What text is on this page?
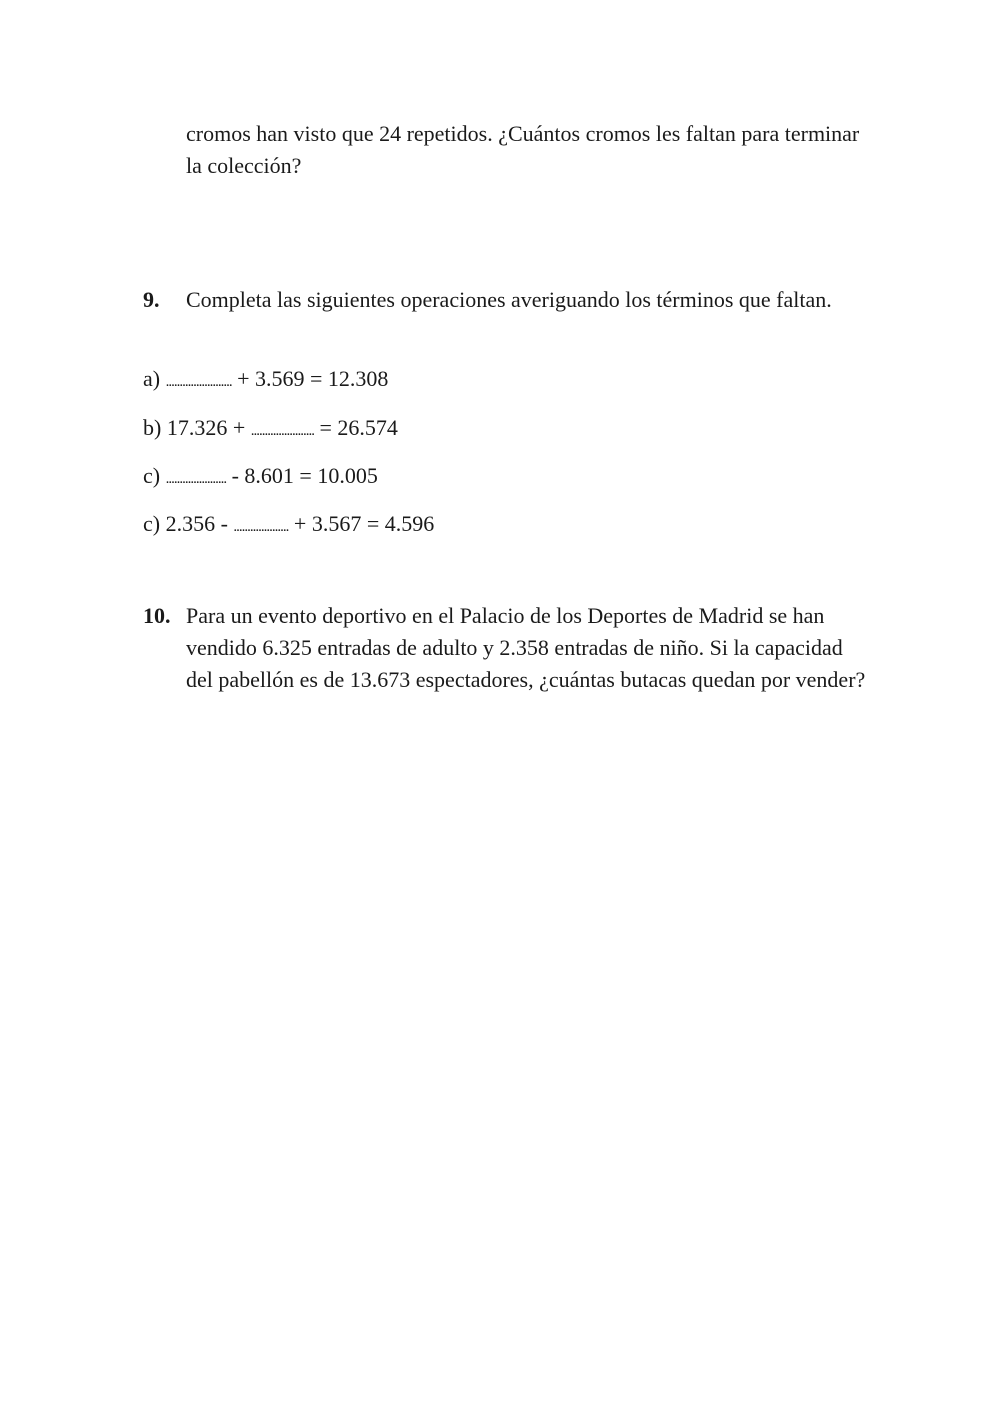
cromos han visto que 24 repetidos. ¿Cuántos cromos les faltan para terminar la colección?
9. Completa las siguientes operaciones averiguando los términos que faltan.
a) ........................ + 3.569 = 12.308
b) 17.326 + ....................... = 26.574
c) ...................... - 8.601 = 10.005
c) 2.356 - .................... + 3.567 = 4.596
10. Para un evento deportivo en el Palacio de los Deportes de Madrid se han vendido 6.325 entradas de adulto y 2.358 entradas de niño. Si la capacidad del pabellón es de 13.673 espectadores, ¿cuántas butacas quedan por vender?
